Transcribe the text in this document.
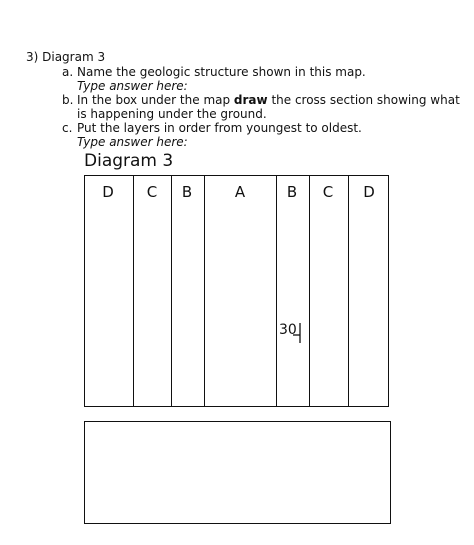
3) Diagram 3
a. Name the geologic structure shown in this map.
Type answer here:
b. In the box under the map draw the cross section showing what
is happening under the ground.
c. Put the layers in order from youngest to oldest.
Type answer here:
Diagram 3
D	C	B	A	B	C	D
30
